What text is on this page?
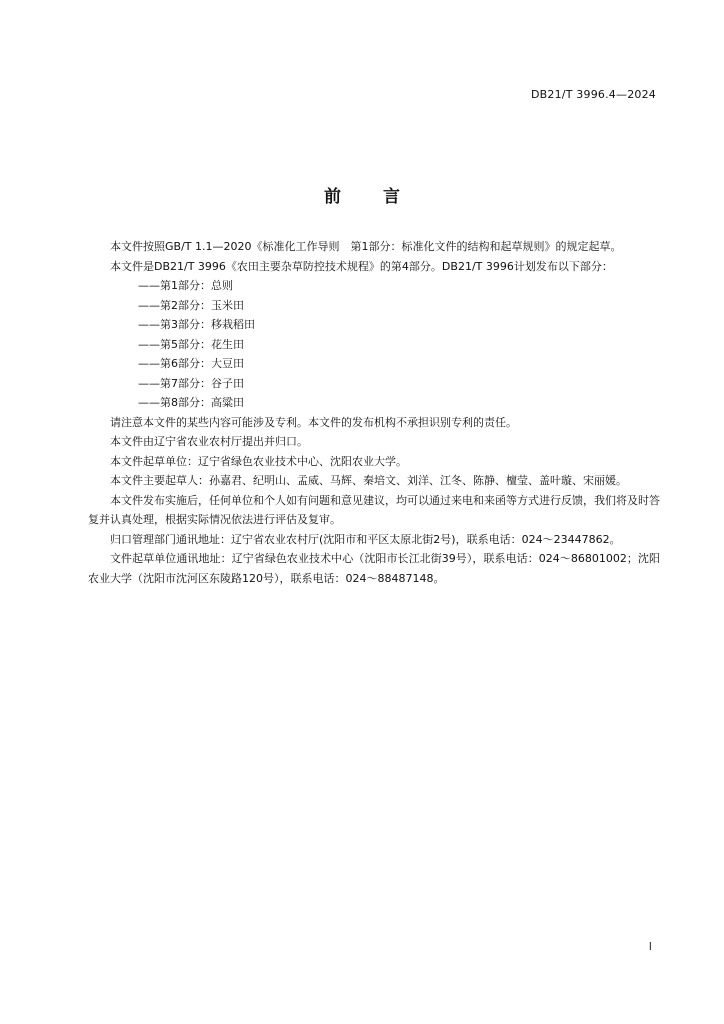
DB21/T 3996.4—2024
前言

本文件按照GB/T 1.1—2020《标准化工作导则　第1部分：标准化文件的结构和起草规则》的规定起草。

本文件是DB21/T 3996《农田主要杂草防控技术规程》的第4部分。DB21/T 3996计划发布以下部分：

——第1部分：总则

——第2部分：玉米田

——第3部分：移栽稻田

——第5部分：花生田

——第6部分：大豆田

——第7部分：谷子田

——第8部分：高粱田

请注意本文件的某些内容可能涉及专利。本文件的发布机构不承担识别专利的责任。

本文件由辽宁省农业农村厅提出并归口。

本文件起草单位：辽宁省绿色农业技术中心、沈阳农业大学。

本文件主要起草人：孙嘉君、纪明山、孟威、马辉、秦培文、刘洋、江冬、陈静、檀莹、盖叶璇、宋丽媛。

本文件发布实施后，任何单位和个人如有问题和意见建议，均可以通过来电和来函等方式进行反馈，我们将及时答复并认真处理，根据实际情况依法进行评估及复审。

归口管理部门通讯地址：辽宁省农业农村厅(沈阳市和平区太原北街2号)，联系电话：024～23447862。

文件起草单位通讯地址：辽宁省绿色农业技术中心（沈阳市长江北街39号），联系电话：024～86801002；沈阳农业大学（沈阳市沈河区东陵路120号），联系电话：024～88487148。

I
